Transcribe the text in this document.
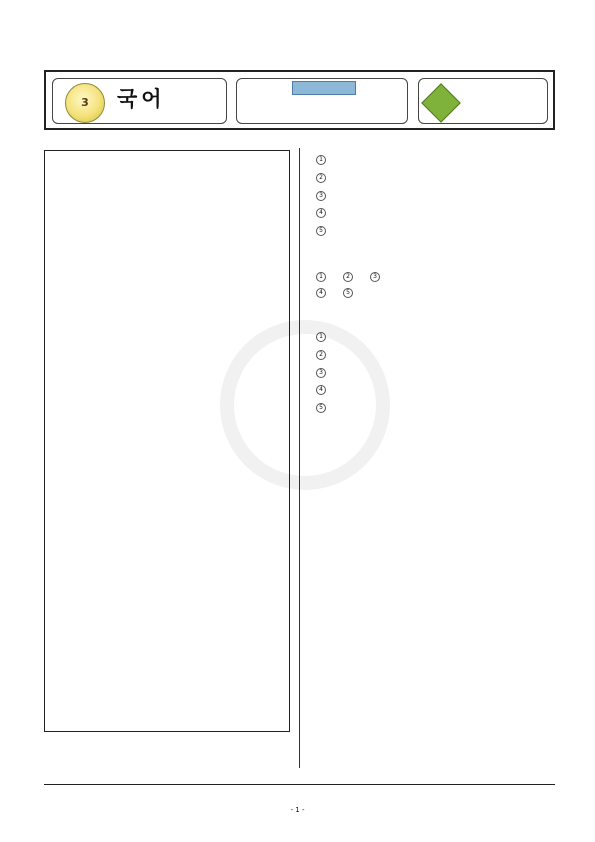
3	국어

1
2
3
4
5

1	2	3
4	5

1
2
3
4
5
- 1 -
